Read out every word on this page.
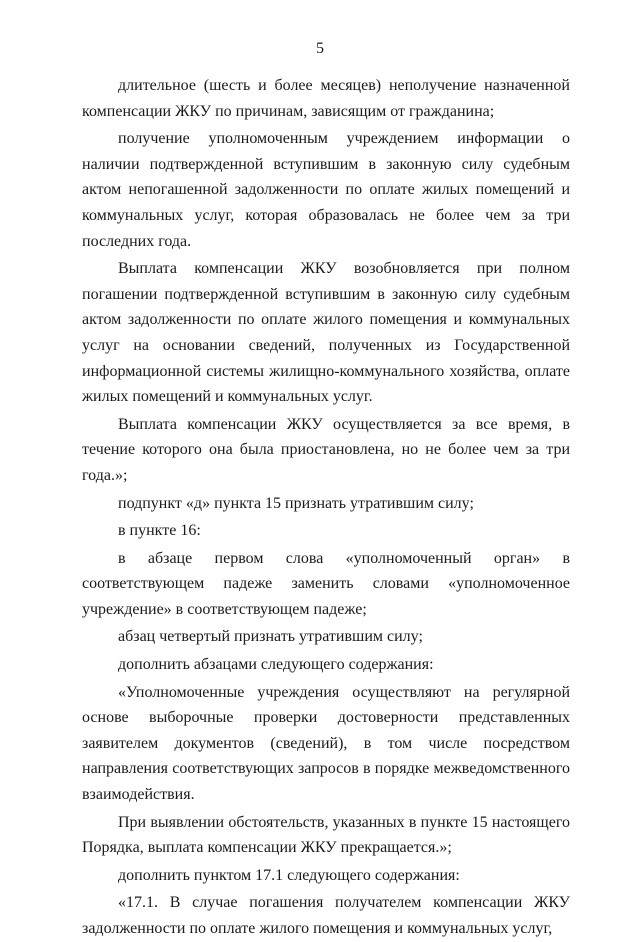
5

длительное (шесть и более месяцев) неполучение назначенной компенсации ЖКУ по причинам, зависящим от гражданина;

получение уполномоченным учреждением информации о наличии подтвержденной вступившим в законную силу судебным актом непогашенной задолженности по оплате жилых помещений и коммунальных услуг, которая образовалась не более чем за три последних года.

Выплата компенсации ЖКУ возобновляется при полном погашении подтвержденной вступившим в законную силу судебным актом задолженности по оплате жилого помещения и коммунальных услуг на основании сведений, полученных из Государственной информационной системы жилищно-коммунального хозяйства, оплате жилых помещений и коммунальных услуг.

Выплата компенсации ЖКУ осуществляется за все время, в течение которого она была приостановлена, но не более чем за три года.»;

подпункт «д» пункта 15 признать утратившим силу;

в пункте 16:

в абзаце первом слова «уполномоченный орган» в соответствующем падеже заменить словами «уполномоченное учреждение» в соответствующем падеже;

абзац четвертый признать утратившим силу;

дополнить абзацами следующего содержания:

«Уполномоченные учреждения осуществляют на регулярной основе выборочные проверки достоверности представленных заявителем документов (сведений), в том числе посредством направления соответствующих запросов в порядке межведомственного взаимодействия.

При выявлении обстоятельств, указанных в пункте 15 настоящего Порядка, выплата компенсации ЖКУ прекращается.»;

дополнить пунктом 17.1 следующего содержания:

«17.1. В случае погашения получателем компенсации ЖКУ задолженности по оплате жилого помещения и коммунальных услуг,
